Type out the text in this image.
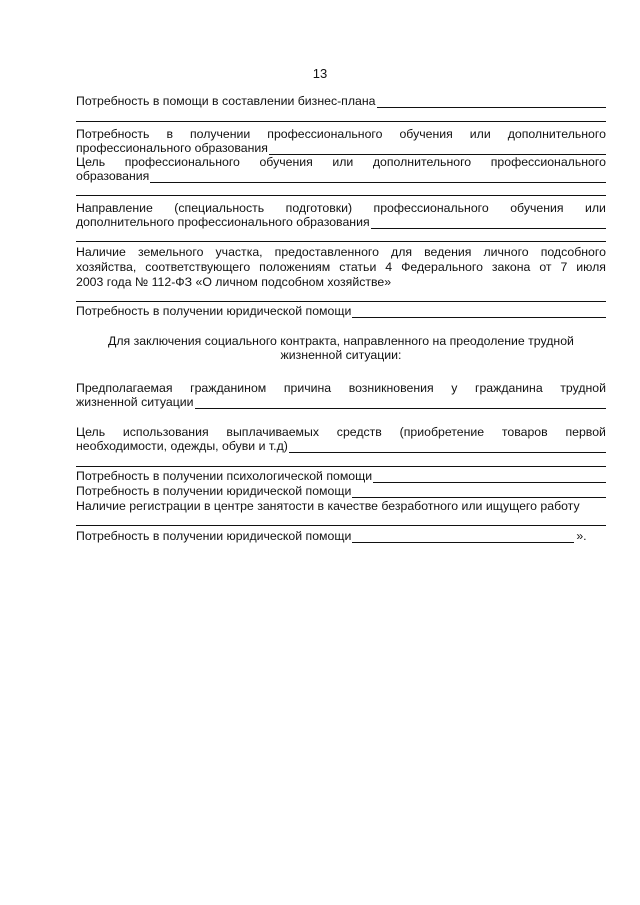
13
Потребность в помощи в составлении бизнес-плана
Потребность в получении профессионального обучения или дополнительного
профессионального образования
Цель профессионального обучения или дополнительного профессионального
образования
Направление (специальность подготовки) профессионального обучения или
дополнительного профессионального образования
Наличие земельного участка, предоставленного для ведения личного подсобного
хозяйства, соответствующего положениям статьи 4 Федерального закона от 7 июля
2003 года № 112-ФЗ «О личном подсобном хозяйстве»
Потребность в получении юридической помощи
Для заключения социального контракта, направленного на преодоление трудной
жизненной ситуации:
Предполагаемая гражданином причина возникновения у гражданина трудной
жизненной ситуации
Цель использования выплачиваемых средств (приобретение товаров первой
необходимости, одежды, обуви и т.д)
Потребность в получении психологической помощи
Потребность в получении юридической помощи
Наличие регистрации в центре занятости в качестве безработного или ищущего работу
Потребность в получении юридической помощи	».
